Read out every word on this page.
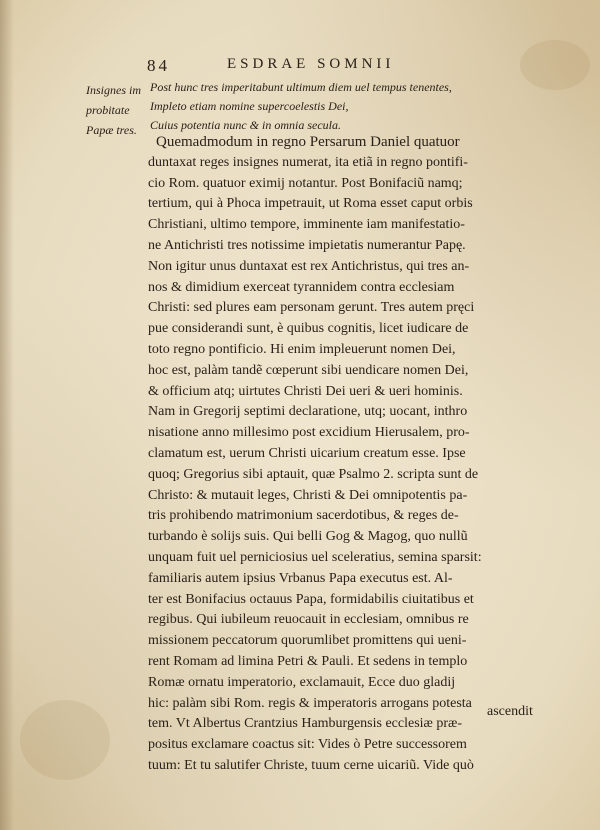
84	ESDRAE SOMNII
Insignes im
probitate
Papæ tres.
Post hunc tres imperitabunt ultimum diem uel tempus tenentes,
Impleto etiam nomine supercoelestis Dei,
Cuius potentia nunc & in omnia secula.
Quemadmodum in regno Persarum Daniel quatuor
duntaxat reges insignes numerat, ita etiã in regno pontifi-
cio Rom. quatuor eximij notantur. Post Bonifaciũ namq;
tertium, qui à Phoca impetrauit, ut Roma esset caput orbis
Christiani, ultimo tempore, imminente iam manifestatio-
ne Antichristi tres notissime impietatis numerantur Papę.
Non igitur unus duntaxat est rex Antichristus, qui tres an-
nos & dimidium exerceat tyrannidem contra ecclesiam
Christi: sed plures eam personam gerunt. Tres autem pręci
pue considerandi sunt, è quibus cognitis, licet iudicare de
toto regno pontificio. Hi enim impleuerunt nomen Dei,
hoc est, palàm tandẽ cœperunt sibi uendicare nomen Dei,
& officium atq; uirtutes Christi Dei ueri & ueri hominis.
Nam in Gregorij septimi declaratione, utq; uocant, inthro
nisatione anno millesimo post excidium Hierusalem, pro-
clamatum est, uerum Christi uicarium creatum esse. Ipse
quoq; Gregorius sibi aptauit, quæ Psalmo 2. scripta sunt de
Christo: & mutauit leges, Christi & Dei omnipotentis pa-
tris prohibendo matrimonium sacerdotibus, & reges de-
turbando è solijs suis. Qui belli Gog & Magog, quo nullũ
unquam fuit uel perniciosius uel sceleratius, semina sparsit:
familiaris autem ipsius Vrbanus Papa executus est. Al-
ter est Bonifacius octauus Papa, formidabilis ciuitatibus et
regibus. Qui iubileum reuocauit in ecclesiam, omnibus re
missionem peccatorum quorumlibet promittens qui ueni-
rent Romam ad limina Petri & Pauli. Et sedens in templo
Romæ ornatu imperatorio, exclamauit, Ecce duo gladij
hic: palàm sibi Rom. regis & imperatoris arrogans potesta
tem. Vt Albertus Crantzius Hamburgensis ecclesiæ præ-
positus exclamare coactus sit: Vides ò Petre successorem
tuum: Et tu salutifer Christe, tuum cerne uicariũ. Vide quò
ascendit
